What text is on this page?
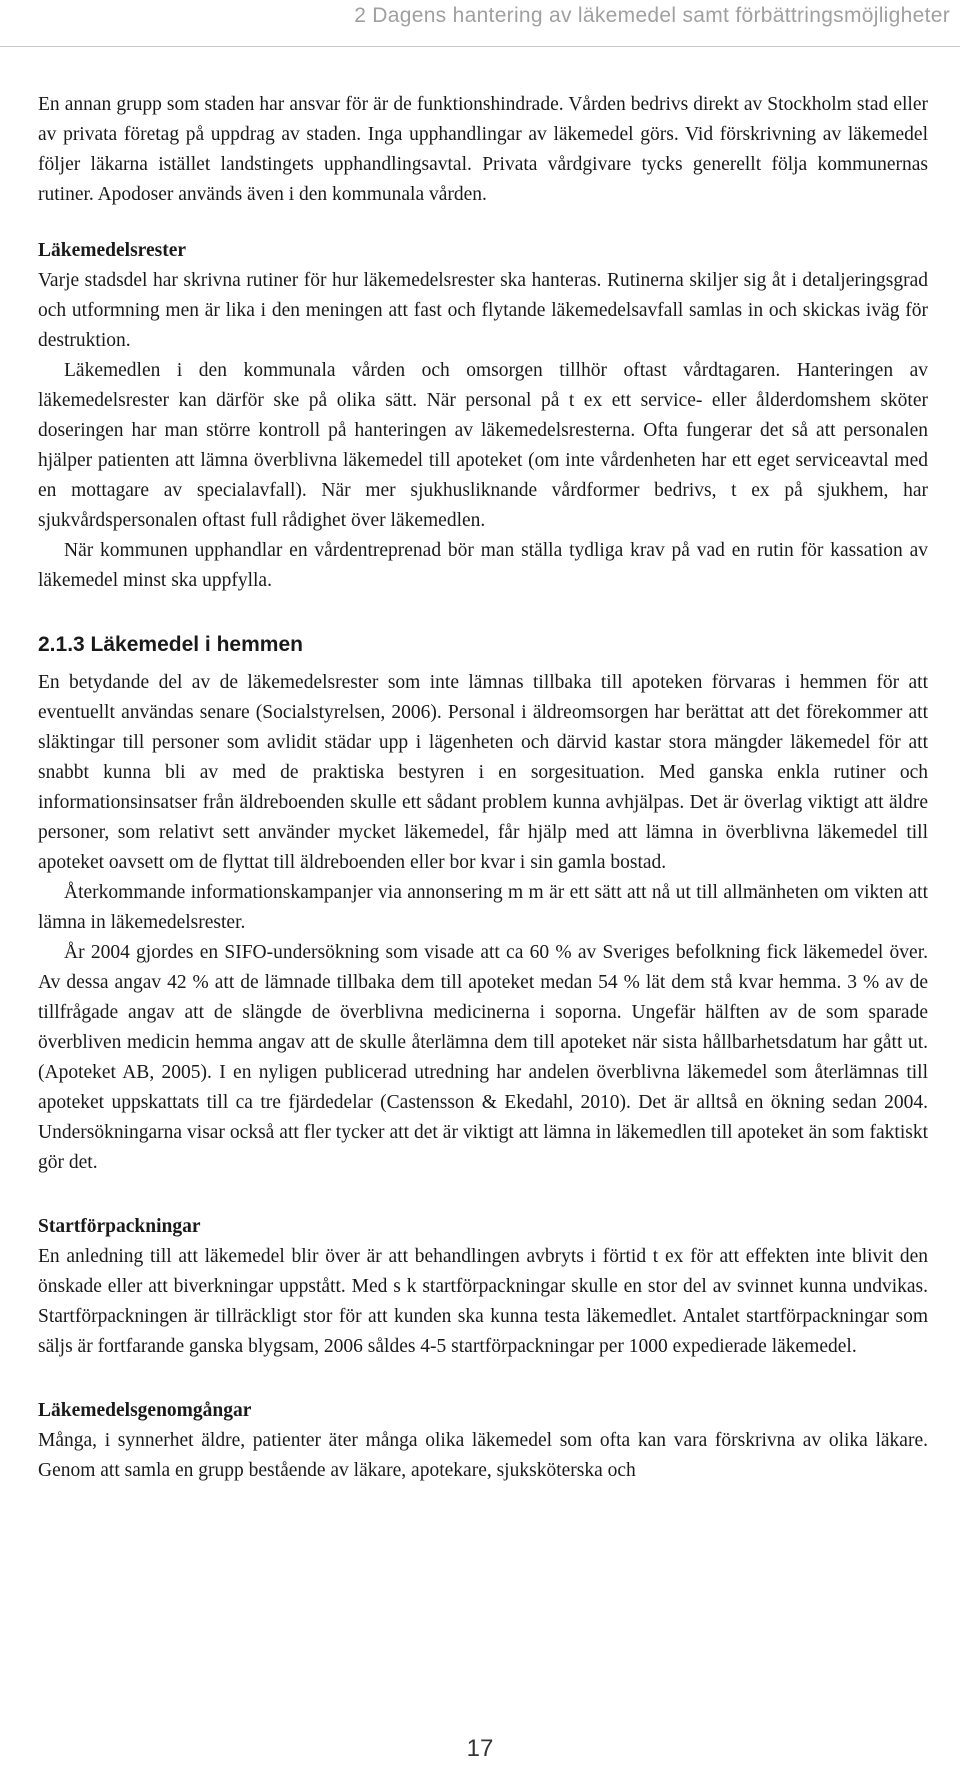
2 Dagens hantering av läkemedel samt förbättringsmöjligheter

En annan grupp som staden har ansvar för är de funktionshindrade. Vården bedrivs direkt av Stockholm stad eller av privata företag på uppdrag av staden. Inga upphandlingar av läkemedel görs. Vid förskrivning av läkemedel följer läkarna istället landstingets upphandlingsavtal. Privata vårdgivare tycks generellt följa kommunernas rutiner. Apodoser används även i den kommunala vården.

Läkemedelsrester

Varje stadsdel har skrivna rutiner för hur läkemedelsrester ska hanteras. Rutinerna skiljer sig åt i detaljeringsgrad och utformning men är lika i den meningen att fast och flytande läkemedelsavfall samlas in och skickas iväg för destruktion.

Läkemedlen i den kommunala vården och omsorgen tillhör oftast vårdtagaren. Hanteringen av läkemedelsrester kan därför ske på olika sätt. När personal på t ex ett service- eller ålderdomshem sköter doseringen har man större kontroll på hanteringen av läkemedelsresterna. Ofta fungerar det så att personalen hjälper patienten att lämna överblivna läkemedel till apoteket (om inte vårdenheten har ett eget serviceavtal med en mottagare av specialavfall). När mer sjukhusliknande vårdformer bedrivs, t ex på sjukhem, har sjukvårdspersonalen oftast full rådighet över läkemedlen.

När kommunen upphandlar en vårdentreprenad bör man ställa tydliga krav på vad en rutin för kassation av läkemedel minst ska uppfylla.

2.1.3 Läkemedel i hemmen

En betydande del av de läkemedelsrester som inte lämnas tillbaka till apoteken förvaras i hemmen för att eventuellt användas senare (Socialstyrelsen, 2006). Personal i äldreomsorgen har berättat att det förekommer att släktingar till personer som avlidit städar upp i lägenheten och därvid kastar stora mängder läkemedel för att snabbt kunna bli av med de praktiska bestyren i en sorgesituation. Med ganska enkla rutiner och informationsinsatser från äldreboenden skulle ett sådant problem kunna avhjälpas. Det är överlag viktigt att äldre personer, som relativt sett använder mycket läkemedel, får hjälp med att lämna in överblivna läkemedel till apoteket oavsett om de flyttat till äldreboenden eller bor kvar i sin gamla bostad.

Återkommande informationskampanjer via annonsering m m är ett sätt att nå ut till allmänheten om vikten att lämna in läkemedelsrester.

År 2004 gjordes en SIFO-undersökning som visade att ca 60 % av Sveriges befolkning fick läkemedel över. Av dessa angav 42 % att de lämnade tillbaka dem till apoteket medan 54 % lät dem stå kvar hemma. 3 % av de tillfrågade angav att de slängde de överblivna medicinerna i soporna. Ungefär hälften av de som sparade överbliven medicin hemma angav att de skulle återlämna dem till apoteket när sista hållbarhetsdatum har gått ut. (Apoteket AB, 2005). I en nyligen publicerad utredning har andelen överblivna läkemedel som återlämnas till apoteket uppskattats till ca tre fjärdedelar (Castensson & Ekedahl, 2010). Det är alltså en ökning sedan 2004. Undersökningarna visar också att fler tycker att det är viktigt att lämna in läkemedlen till apoteket än som faktiskt gör det.

Startförpackningar

En anledning till att läkemedel blir över är att behandlingen avbryts i förtid t ex för att effekten inte blivit den önskade eller att biverkningar uppstått. Med s k startförpackningar skulle en stor del av svinnet kunna undvikas. Startförpackningen är tillräckligt stor för att kunden ska kunna testa läkemedlet. Antalet startförpackningar som säljs är fortfarande ganska blygsam, 2006 såldes 4-5 startförpackningar per 1000 expedierade läkemedel.

Läkemedelsgenomgångar

Många, i synnerhet äldre, patienter äter många olika läkemedel som ofta kan vara förskrivna av olika läkare. Genom att samla en grupp bestående av läkare, apotekare, sjuksköterska och

17
